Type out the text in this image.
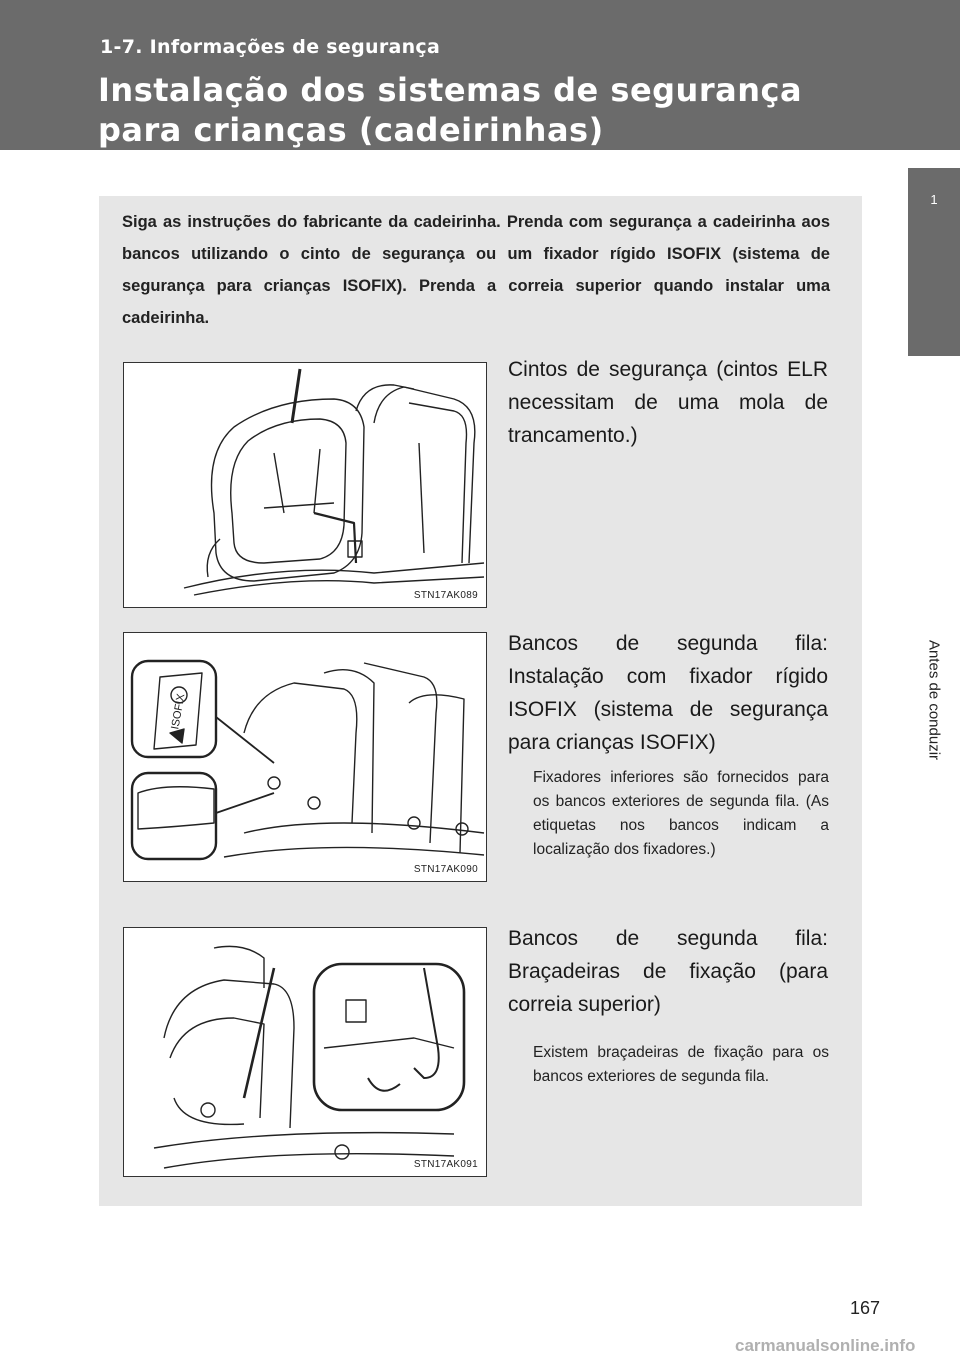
1-7. Informações de segurança
Instalação dos sistemas de segurança para crianças (cadeirinhas)
1
Antes de conduzir
Siga as instruções do fabricante da cadeirinha. Prenda com segurança a cadeirinha aos bancos utilizando o cinto de segurança ou um fixador rígido ISOFIX (sistema de segurança para crianças ISOFIX). Prenda a correia superior quando instalar uma cadeirinha.
STN17AK089
Cintos de segurança (cintos ELR necessitam de uma mola de trancamento.)
ISOFIX
STN17AK090
Bancos de segunda fila: Instalação com fixador rígido ISOFIX (sistema de segurança para crianças ISOFIX)
Fixadores inferiores são fornecidos para os bancos exteriores de segunda fila. (As etiquetas nos bancos indicam a localização dos fixadores.)
STN17AK091
Bancos de segunda fila: Braçadeiras de fixação (para correia superior)
Existem braçadeiras de fixação para os bancos exteriores de segunda fila.
167
carmanualsonline.info
